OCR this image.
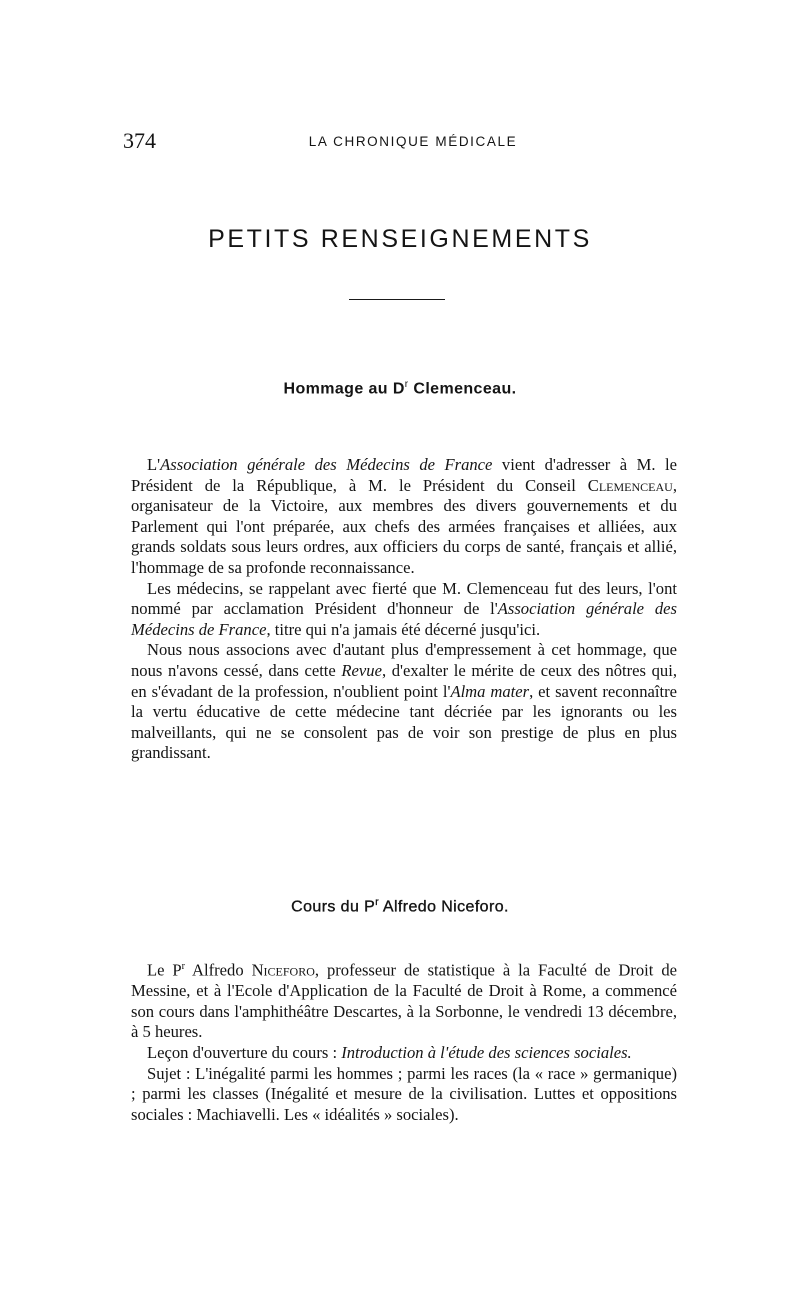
374	LA CHRONIQUE MÉDICALE
PETITS RENSEIGNEMENTS
Hommage au $D^r$ Clemenceau.

L'Association générale des Médecins de France vient d'adresser à M. le Président de la République, à M. le Président du Conseil Clemenceau, organisateur de la Victoire, aux membres des divers gouvernements et du Parlement qui l'ont préparée, aux chefs des armées françaises et alliées, aux grands soldats sous leurs ordres, aux officiers du corps de santé, français et allié, l'hommage de sa profonde reconnaissance.

Les médecins, se rappelant avec fierté que M. Clemenceau fut des leurs, l'ont nommé par acclamation Président d'honneur de l'Association générale des Médecins de France, titre qui n'a jamais été décerné jusqu'ici.

Nous nous associons avec d'autant plus d'empressement à cet hommage, que nous n'avons cessé, dans cette Revue, d'exalter le mérite de ceux des nôtres qui, en s'évadant de la profession, n'oublient point l'Alma mater, et savent reconnaître la vertu éducative de cette médecine tant décriée par les ignorants ou les malveillants, qui ne se consolent pas de voir son prestige de plus en plus grandissant.

Cours du $P^r$ Alfredo Niceforo.

Le $P^r$ Alfredo Niceforo, professeur de statistique à la Faculté de Droit de Messine, et à l'Ecole d'Application de la Faculté de Droit à Rome, a commencé son cours dans l'amphithéâtre Descartes, à la Sorbonne, le vendredi 13 décembre, à 5 heures.

Leçon d'ouverture du cours : Introduction à l'étude des sciences sociales.

Sujet : L'inégalité parmi les hommes ; parmi les races (la « race » germanique) ; parmi les classes (Inégalité et mesure de la civilisation. Luttes et oppositions sociales : Machiavelli. Les « idéalités » sociales).
